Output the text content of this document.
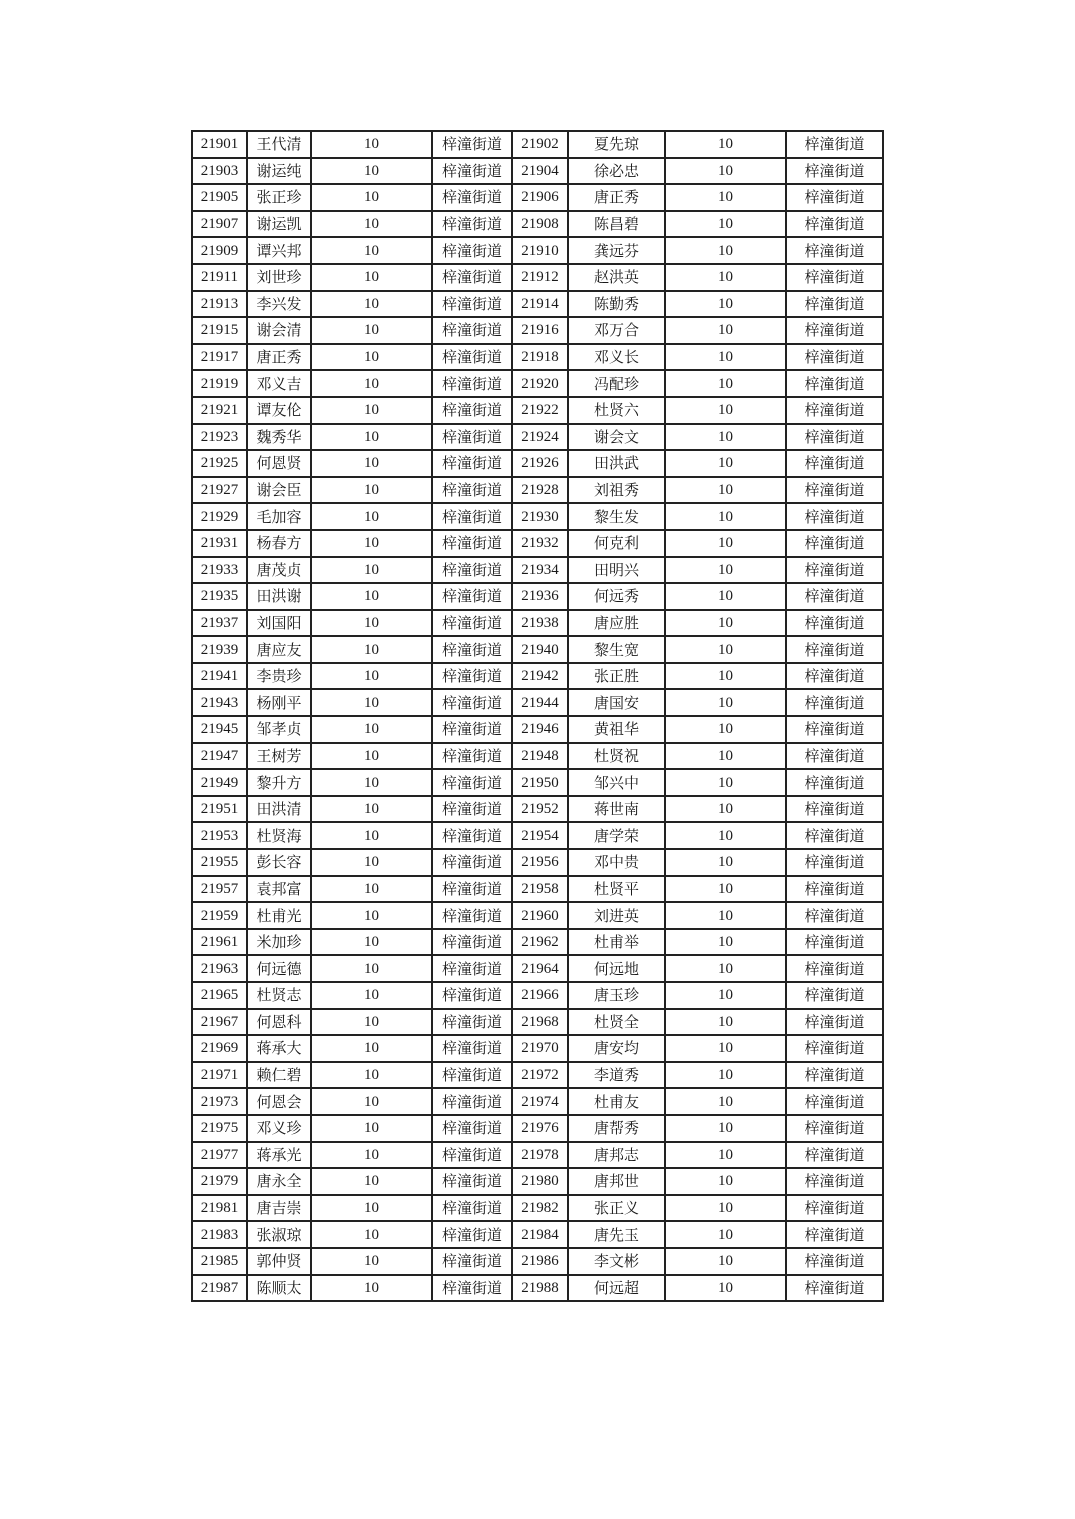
21901	王代清	10	梓潼街道	21902	夏先琼	10	梓潼街道
21903	谢运纯	10	梓潼街道	21904	徐必忠	10	梓潼街道
21905	张正珍	10	梓潼街道	21906	唐正秀	10	梓潼街道
21907	谢运凯	10	梓潼街道	21908	陈昌碧	10	梓潼街道
21909	谭兴邦	10	梓潼街道	21910	龚远芬	10	梓潼街道
21911	刘世珍	10	梓潼街道	21912	赵洪英	10	梓潼街道
21913	李兴发	10	梓潼街道	21914	陈勤秀	10	梓潼街道
21915	谢会清	10	梓潼街道	21916	邓万合	10	梓潼街道
21917	唐正秀	10	梓潼街道	21918	邓义长	10	梓潼街道
21919	邓义吉	10	梓潼街道	21920	冯配珍	10	梓潼街道
21921	谭友伦	10	梓潼街道	21922	杜贤六	10	梓潼街道
21923	魏秀华	10	梓潼街道	21924	谢会文	10	梓潼街道
21925	何恩贤	10	梓潼街道	21926	田洪武	10	梓潼街道
21927	谢会臣	10	梓潼街道	21928	刘祖秀	10	梓潼街道
21929	毛加容	10	梓潼街道	21930	黎生发	10	梓潼街道
21931	杨春方	10	梓潼街道	21932	何克利	10	梓潼街道
21933	唐茂贞	10	梓潼街道	21934	田明兴	10	梓潼街道
21935	田洪谢	10	梓潼街道	21936	何远秀	10	梓潼街道
21937	刘国阳	10	梓潼街道	21938	唐应胜	10	梓潼街道
21939	唐应友	10	梓潼街道	21940	黎生宽	10	梓潼街道
21941	李贵珍	10	梓潼街道	21942	张正胜	10	梓潼街道
21943	杨刚平	10	梓潼街道	21944	唐国安	10	梓潼街道
21945	邹孝贞	10	梓潼街道	21946	黄祖华	10	梓潼街道
21947	王树芳	10	梓潼街道	21948	杜贤祝	10	梓潼街道
21949	黎升方	10	梓潼街道	21950	邹兴中	10	梓潼街道
21951	田洪清	10	梓潼街道	21952	蒋世南	10	梓潼街道
21953	杜贤海	10	梓潼街道	21954	唐学荣	10	梓潼街道
21955	彭长容	10	梓潼街道	21956	邓中贵	10	梓潼街道
21957	袁邦富	10	梓潼街道	21958	杜贤平	10	梓潼街道
21959	杜甫光	10	梓潼街道	21960	刘进英	10	梓潼街道
21961	米加珍	10	梓潼街道	21962	杜甫举	10	梓潼街道
21963	何远德	10	梓潼街道	21964	何远地	10	梓潼街道
21965	杜贤志	10	梓潼街道	21966	唐玉珍	10	梓潼街道
21967	何恩科	10	梓潼街道	21968	杜贤全	10	梓潼街道
21969	蒋承大	10	梓潼街道	21970	唐安均	10	梓潼街道
21971	赖仁碧	10	梓潼街道	21972	李道秀	10	梓潼街道
21973	何恩会	10	梓潼街道	21974	杜甫友	10	梓潼街道
21975	邓义珍	10	梓潼街道	21976	唐帮秀	10	梓潼街道
21977	蒋承光	10	梓潼街道	21978	唐邦志	10	梓潼街道
21979	唐永全	10	梓潼街道	21980	唐邦世	10	梓潼街道
21981	唐吉崇	10	梓潼街道	21982	张正义	10	梓潼街道
21983	张淑琼	10	梓潼街道	21984	唐先玉	10	梓潼街道
21985	郭仲贤	10	梓潼街道	21986	李文彬	10	梓潼街道
21987	陈顺太	10	梓潼街道	21988	何远超	10	梓潼街道
